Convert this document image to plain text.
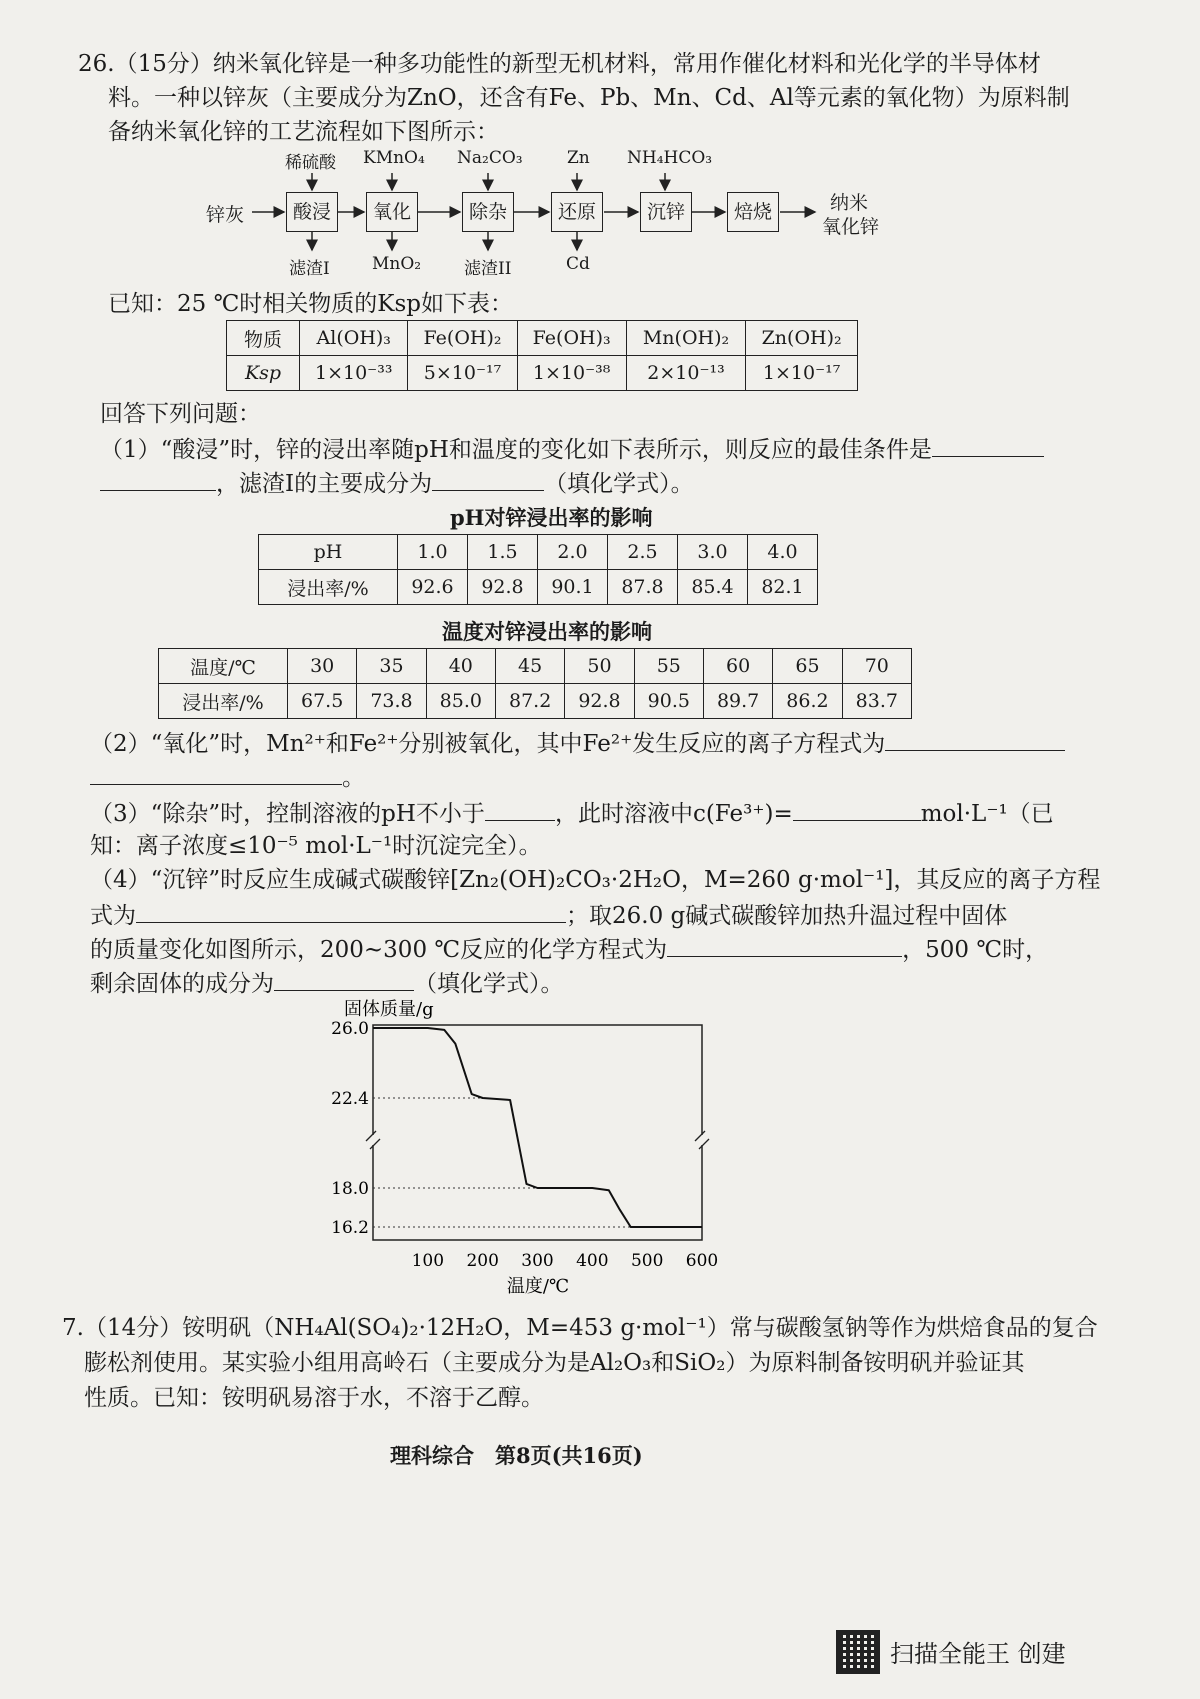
26.（15分）纳米氧化锌是一种多功能性的新型无机材料，常用作催化材料和光化学的半导体材
料。一种以锌灰（主要成分为ZnO，还含有Fe、Pb、Mn、Cd、Al等元素的氧化物）为原料制
备纳米氧化锌的工艺流程如下图所示：
锌灰	酸浸	氧化	除杂	还原	沉锌	焙烧	纳米
氧化锌
稀硫酸 KMnO₄ Na₂CO₃	Zn NH₄HCO₃
滤渣I MnO₂	滤渣II	Cd
已知：25 ℃时相关物质的Ksp如下表：
物质	Al(OH)₃	Fe(OH)₂	Fe(OH)₃	Mn(OH)₂	Zn(OH)₂
Ksp	1×10⁻³³	5×10⁻¹⁷	1×10⁻³⁸	2×10⁻¹³	1×10⁻¹⁷
回答下列问题：
（1）“酸浸”时，锌的浸出率随pH和温度的变化如下表所示，则反应的最佳条件是
，滤渣I的主要成分为	（填化学式）。
pH对锌浸出率的影响
pH	1.0	1.5	2.0	2.5	3.0	4.0
浸出率/%	92.6	92.8	90.1	87.8	85.4	82.1
温度对锌浸出率的影响
温度/℃	30	35	40	45	50	55	60	65	70
浸出率/%	67.5	73.8	85.0	87.2	92.8	90.5	89.7	86.2	83.7
（2）“氧化”时，Mn²⁺和Fe²⁺分别被氧化，其中Fe²⁺发生反应的离子方程式为
。
（3）“除杂”时，控制溶液的pH不小于	，此时溶液中c(Fe³⁺)=	mol·L⁻¹（已
知：离子浓度≤10⁻⁵ mol·L⁻¹时沉淀完全）。
（4）“沉锌”时反应生成碱式碳酸锌[Zn₂(OH)₂CO₃·2H₂O，M=260 g·mol⁻¹]，其反应的离子方程
式为	；取26.0 g碱式碳酸锌加热升温过程中固体
的质量变化如图所示，200~300 ℃反应的化学方程式为	，500 ℃时，
剩余固体的成分为	（填化学式）。
26.0
22.4
18.0
16.2
100 200 300 400 500 600
固体质量/g
温度/℃
7.（14分）铵明矾（NH₄Al(SO₄)₂·12H₂O，M=453 g·mol⁻¹）常与碳酸氢钠等作为烘焙食品的复合
膨松剂使用。某实验小组用高岭石（主要成分为是Al₂O₃和SiO₂）为原料制备铵明矾并验证其
性质。已知：铵明矾易溶于水，不溶于乙醇。
理科综合　第8页(共16页)
扫描全能王 创建
